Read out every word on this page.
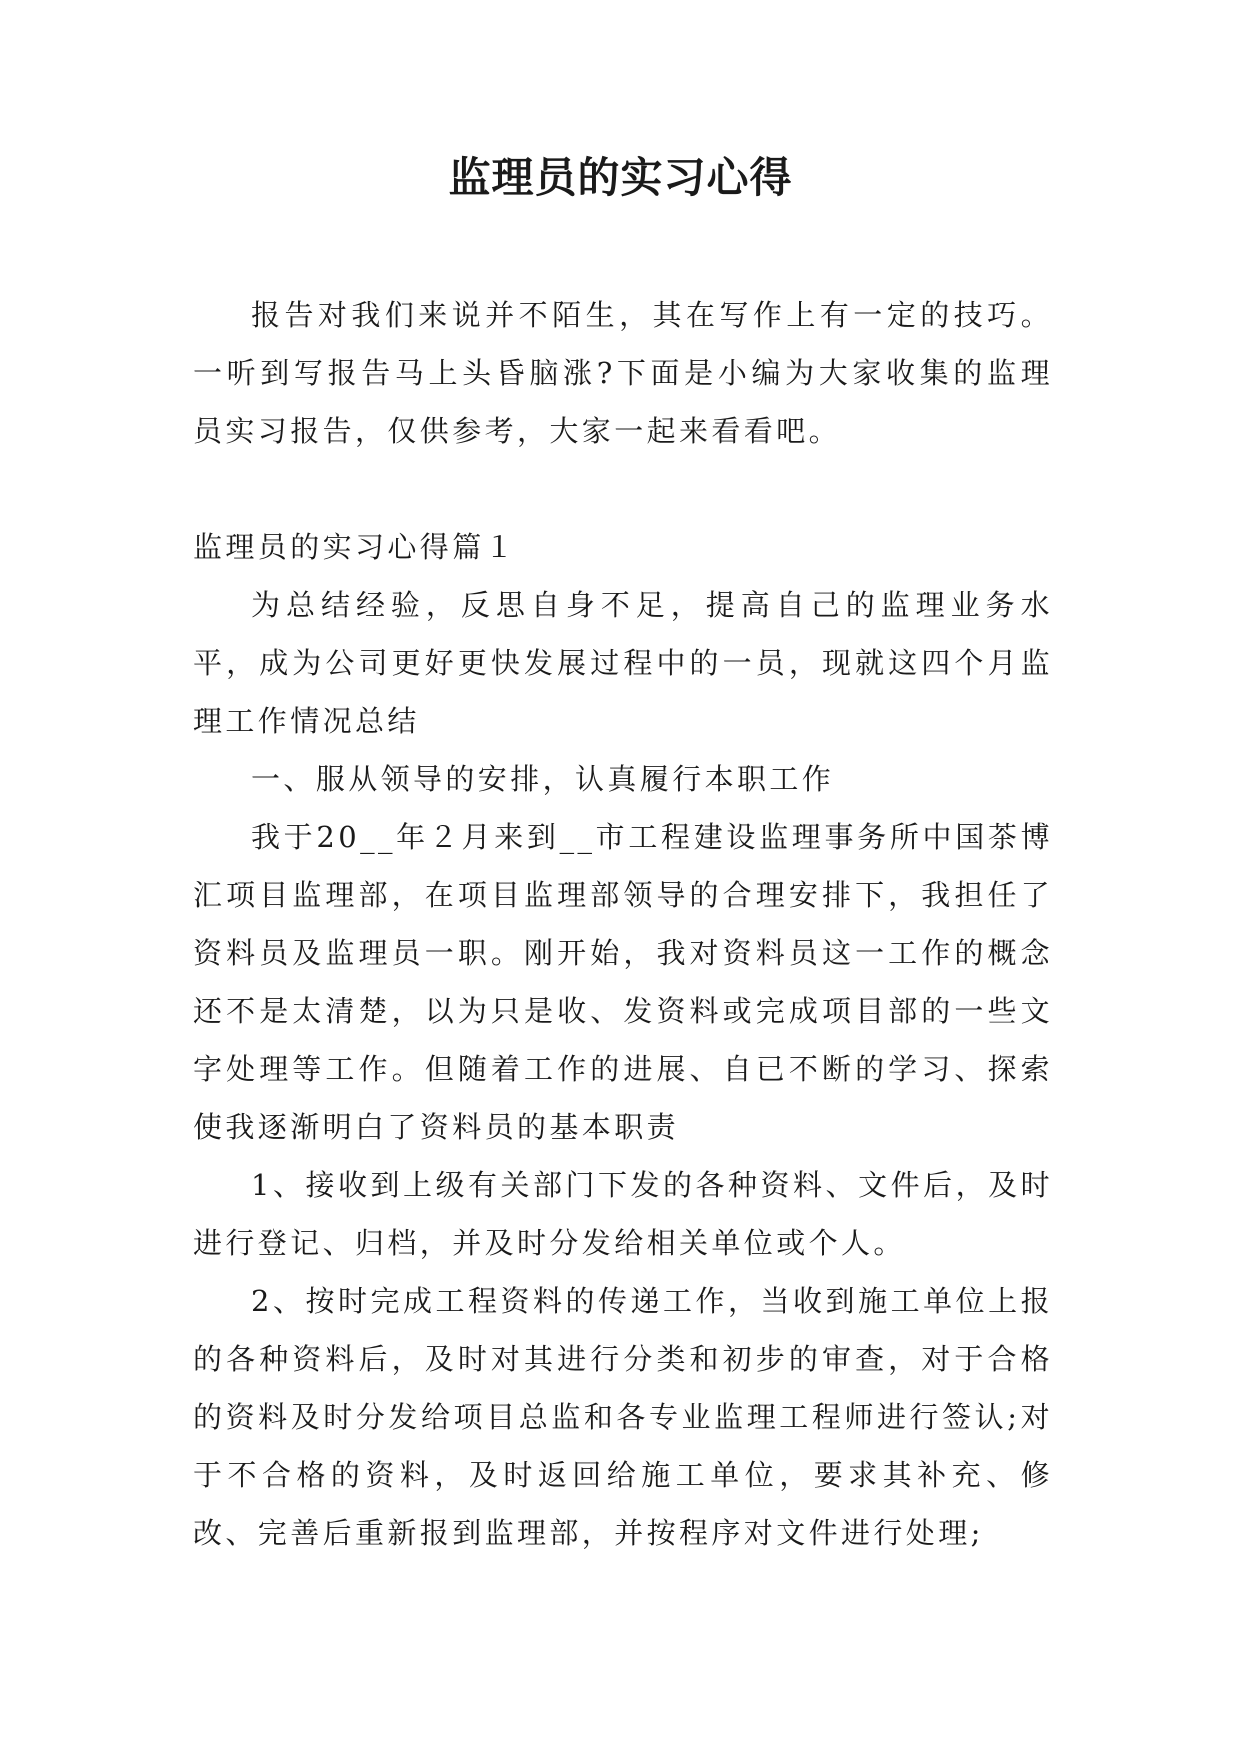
监理员的实习心得

报告对我们来说并不陌生，其在写作上有一定的技巧。一听到写报告马上头昏脑涨?下面是小编为大家收集的监理员实习报告，仅供参考，大家一起来看看吧。

监理员的实习心得篇１

为总结经验，反思自身不足，提高自己的监理业务水平，成为公司更好更快发展过程中的一员，现就这四个月监理工作情况总结

一、服从领导的安排，认真履行本职工作

我于20__年２月来到__市工程建设监理事务所中国茶博汇项目监理部，在项目监理部领导的合理安排下，我担任了资料员及监理员一职。刚开始，我对资料员这一工作的概念还不是太清楚，以为只是收、发资料或完成项目部的一些文字处理等工作。但随着工作的进展、自已不断的学习、探索使我逐渐明白了资料员的基本职责

1、接收到上级有关部门下发的各种资料、文件后，及时进行登记、归档，并及时分发给相关单位或个人。

2、按时完成工程资料的传递工作，当收到施工单位上报的各种资料后，及时对其进行分类和初步的审查，对于合格的资料及时分发给项目总监和各专业监理工程师进行签认;对于不合格的资料，及时返回给施工单位，要求其补充、修改、完善后重新报到监理部，并按程序对文件进行处理;
